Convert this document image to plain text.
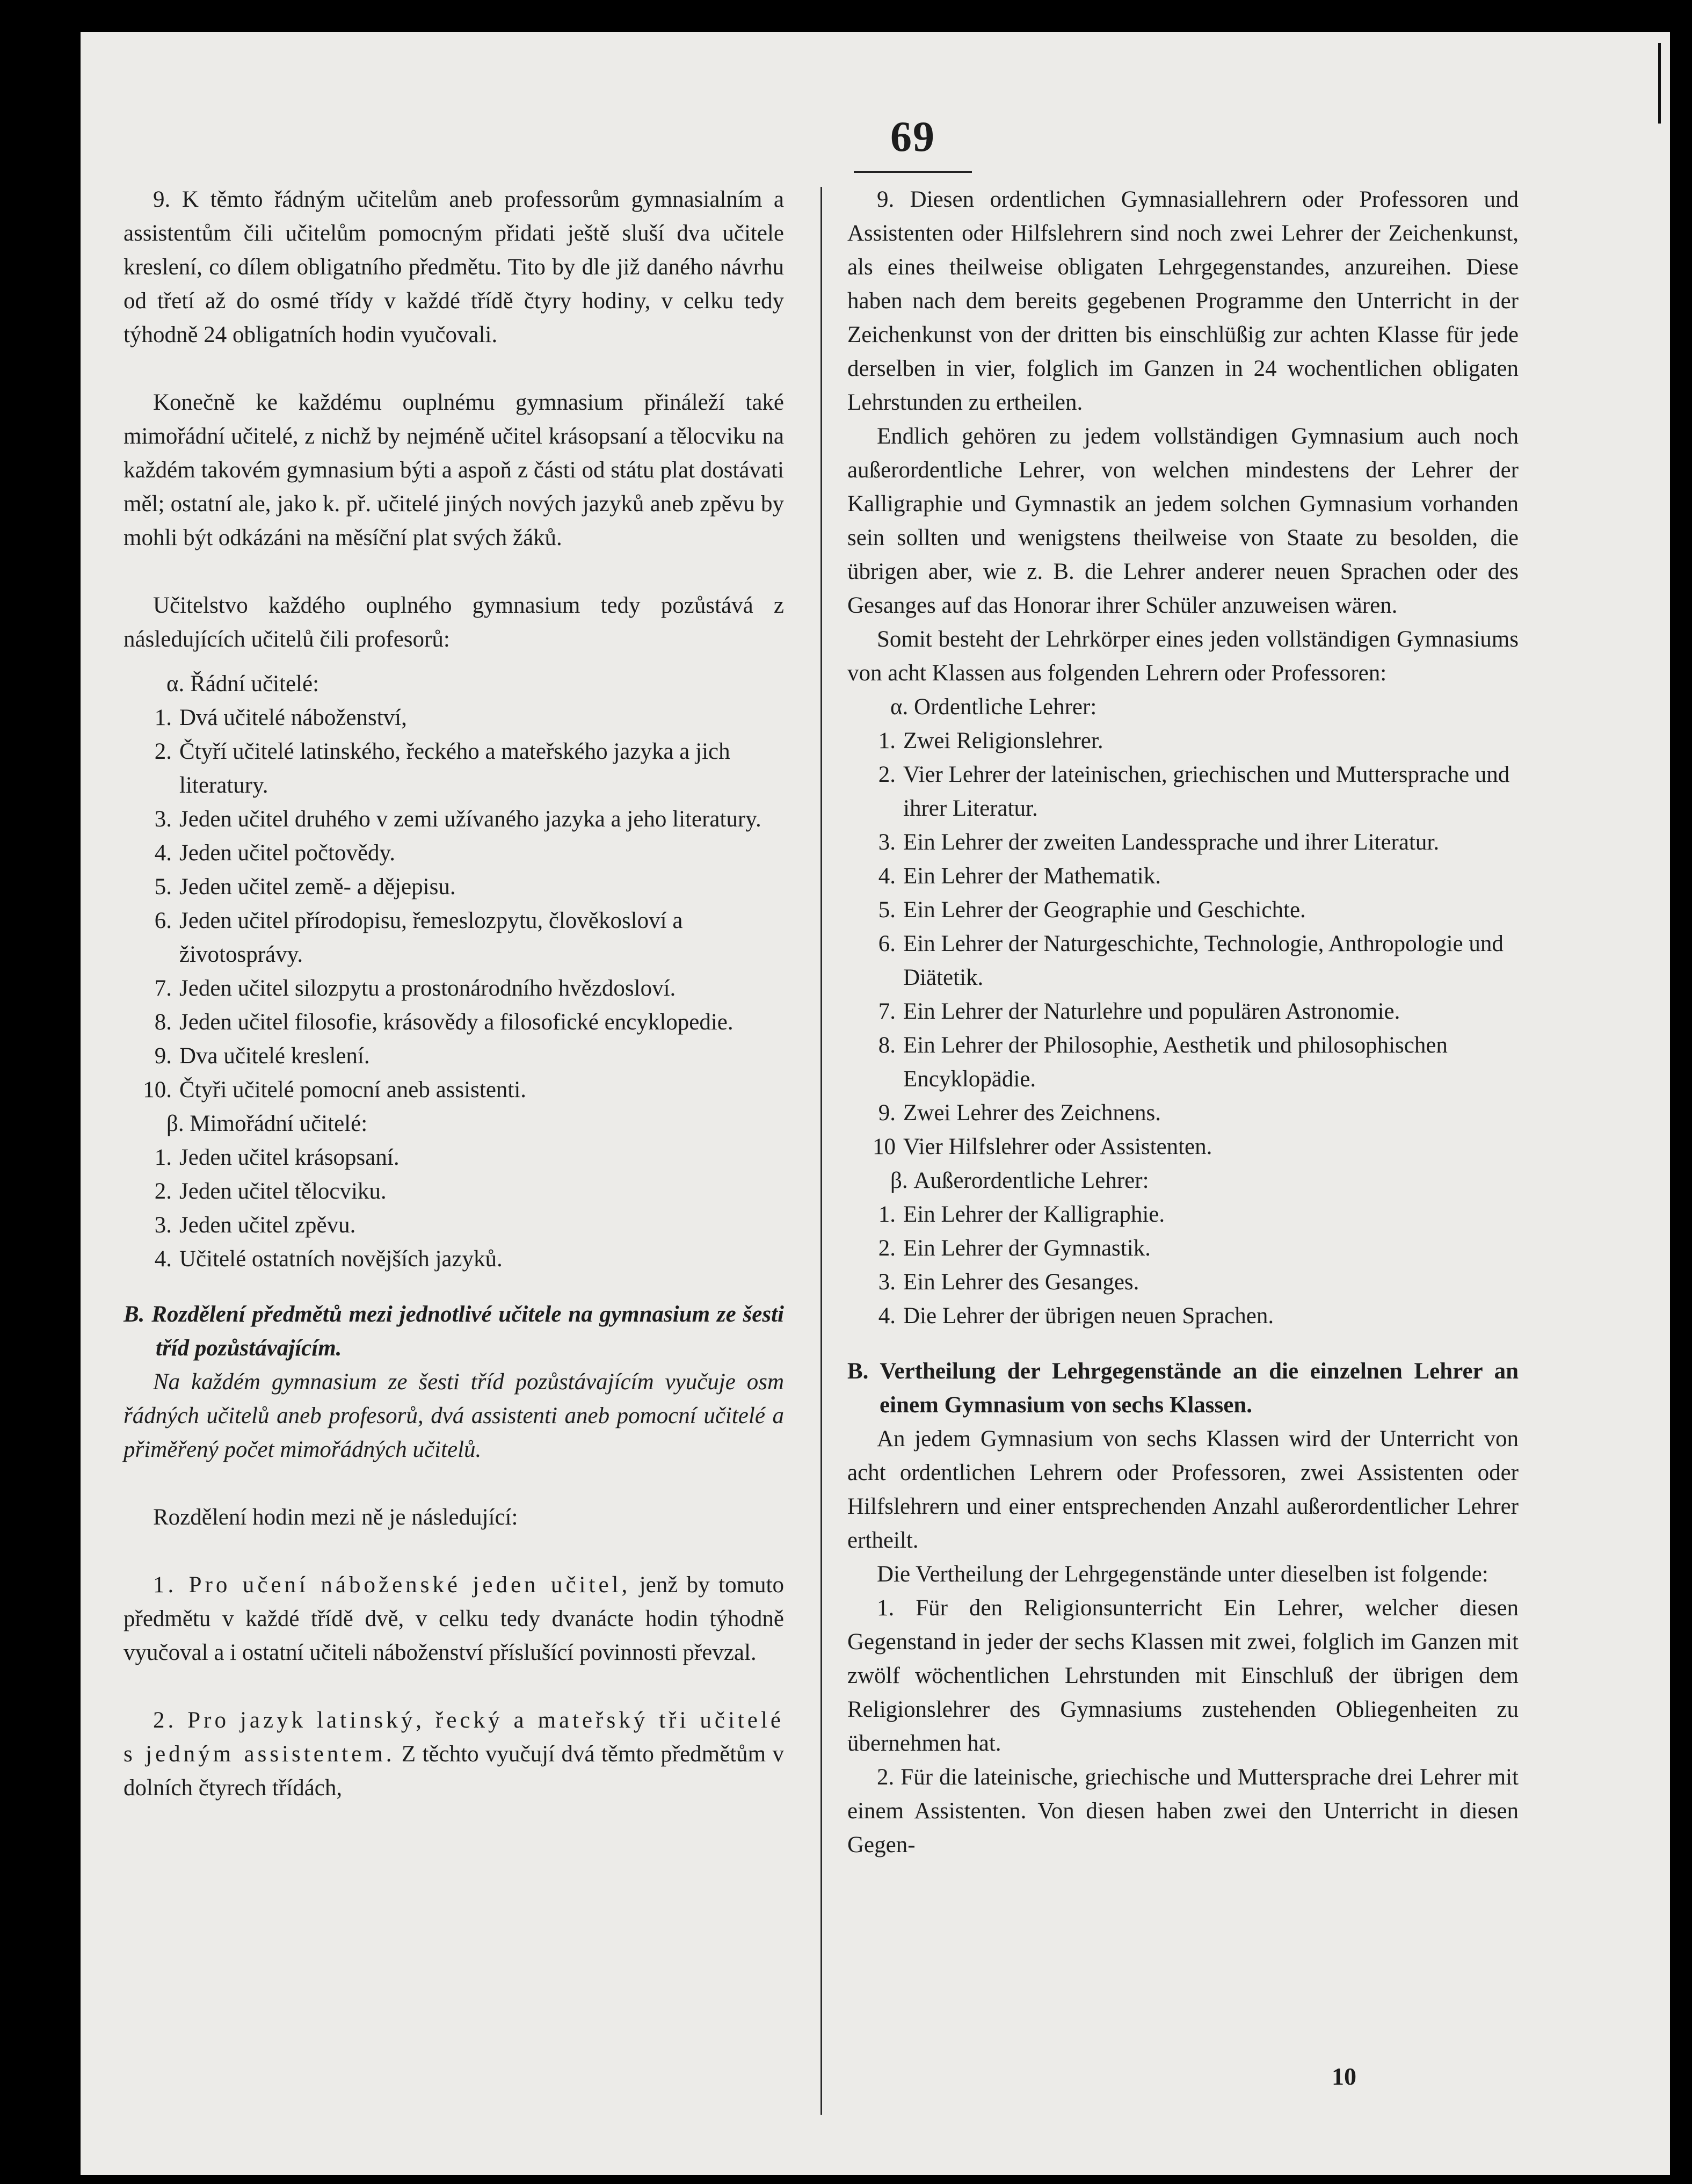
69

9. K těmto řádným učitelům aneb professorům gymnasialním a assistentům čili učitelům pomocným přidati ještě sluší dva učitele kreslení, co dílem obligatního předmětu. Tito by dle již daného návrhu od třetí až do osmé třídy v každé třídě čtyry hodiny, v celku tedy týhodně 24 obligatních hodin vyučovali.

Konečně ke každému ouplnému gymnasium přináleží také mimořádní učitelé, z nichž by nejméně učitel krásopsaní a tělocviku na každém takovém gymnasium býti a aspoň z části od státu plat dostávati měl; ostatní ale, jako k. př. učitelé jiných nových jazyků aneb zpěvu by mohli být odkázáni na měsíční plat svých žáků.

Učitelstvo každého ouplného gymnasium tedy pozůstává z následujících učitelů čili profesorů:

α. Řádní učitelé:
1. Dvá učitelé náboženství,
2. Čtyří učitelé latinského, řeckého a mateřského jazyka a jich literatury.
3. Jeden učitel druhého v zemi užívaného jazyka a jeho literatury.
4. Jeden učitel počtovědy.
5. Jeden učitel země- a dějepisu.
6. Jeden učitel přírodopisu, řemeslozpytu, člověkosloví a životosprávy.
7. Jeden učitel silozpytu a prostonárodního hvězdosloví.
8. Jeden učitel filosofie, krásovědy a filosofické encyklopedie.
9. Dva učitelé kreslení.
10. Čtyři učitelé pomocní aneb assistenti.
β. Mimořádní učitelé:
1. Jeden učitel krásopsaní.
2. Jeden učitel tělocviku.
3. Jeden učitel zpěvu.
4. Učitelé ostatních novějších jazyků.

B. Rozdělení předmětů mezi jednotlivé učitele na gymnasium ze šesti tříd pozůstávajícím.

Na každém gymnasium ze šesti tříd pozůstávajícím vyučuje osm řádných učitelů aneb profesorů, dvá assistenti aneb pomocní učitelé a přiměřený počet mimořádných učitelů.

Rozdělení hodin mezi ně je následující:

1. Pro učení náboženské jeden učitel, jenž by tomuto předmětu v každé třídě dvě, v celku tedy dvanácte hodin týhodně vyučoval a i ostatní učiteli náboženství příslušící povinnosti převzal.

2. Pro jazyk latinský, řecký a mateřský tři učitelé s jedným assistentem. Z těchto vyučují dvá těmto předmětům v dolních čtyrech třídách,

9. Diesen ordentlichen Gymnasiallehrern oder Professoren und Assistenten oder Hilfslehrern sind noch zwei Lehrer der Zeichenkunst, als eines theilweise obligaten Lehrgegenstandes, anzureihen. Diese haben nach dem bereits gegebenen Programme den Unterricht in der Zeichenkunst von der dritten bis einschlüßig zur achten Klasse für jede derselben in vier, folglich im Ganzen in 24 wochentlichen obligaten Lehrstunden zu ertheilen.

Endlich gehören zu jedem vollständigen Gymnasium auch noch außerordentliche Lehrer, von welchen mindestens der Lehrer der Kalligraphie und Gymnastik an jedem solchen Gymnasium vorhanden sein sollten und wenigstens theilweise von Staate zu besolden, die übrigen aber, wie z. B. die Lehrer anderer neuen Sprachen oder des Gesanges auf das Honorar ihrer Schüler anzuweisen wären.

Somit besteht der Lehrkörper eines jeden vollständigen Gymnasiums von acht Klassen aus folgenden Lehrern oder Professoren:

α. Ordentliche Lehrer:
1. Zwei Religionslehrer.
2. Vier Lehrer der lateinischen, griechischen und Muttersprache und ihrer Literatur.
3. Ein Lehrer der zweiten Landessprache und ihrer Literatur.
4. Ein Lehrer der Mathematik.
5. Ein Lehrer der Geographie und Geschichte.
6. Ein Lehrer der Naturgeschichte, Technologie, Anthropologie und Diätetik.
7. Ein Lehrer der Naturlehre und populären Astronomie.
8. Ein Lehrer der Philosophie, Aesthetik und philosophischen Encyklopädie.
9. Zwei Lehrer des Zeichnens.
10 Vier Hilfslehrer oder Assistenten.
β. Außerordentliche Lehrer:
1. Ein Lehrer der Kalligraphie.
2. Ein Lehrer der Gymnastik.
3. Ein Lehrer des Gesanges.
4. Die Lehrer der übrigen neuen Sprachen.

B. Vertheilung der Lehrgegenstände an die einzelnen Lehrer an einem Gymnasium von sechs Klassen.

An jedem Gymnasium von sechs Klassen wird der Unterricht von acht ordentlichen Lehrern oder Professoren, zwei Assistenten oder Hilfslehrern und einer entsprechenden Anzahl außerordentlicher Lehrer ertheilt.

Die Vertheilung der Lehrgegenstände unter dieselben ist folgende:

1. Für den Religionsunterricht Ein Lehrer, welcher diesen Gegenstand in jeder der sechs Klassen mit zwei, folglich im Ganzen mit zwölf wöchentlichen Lehrstunden mit Einschluß der übrigen dem Religionslehrer des Gymnasiums zustehenden Obliegenheiten zu übernehmen hat.

2. Für die lateinische, griechische und Muttersprache drei Lehrer mit einem Assistenten. Von diesen haben zwei den Unterricht in diesen Gegen-

10
